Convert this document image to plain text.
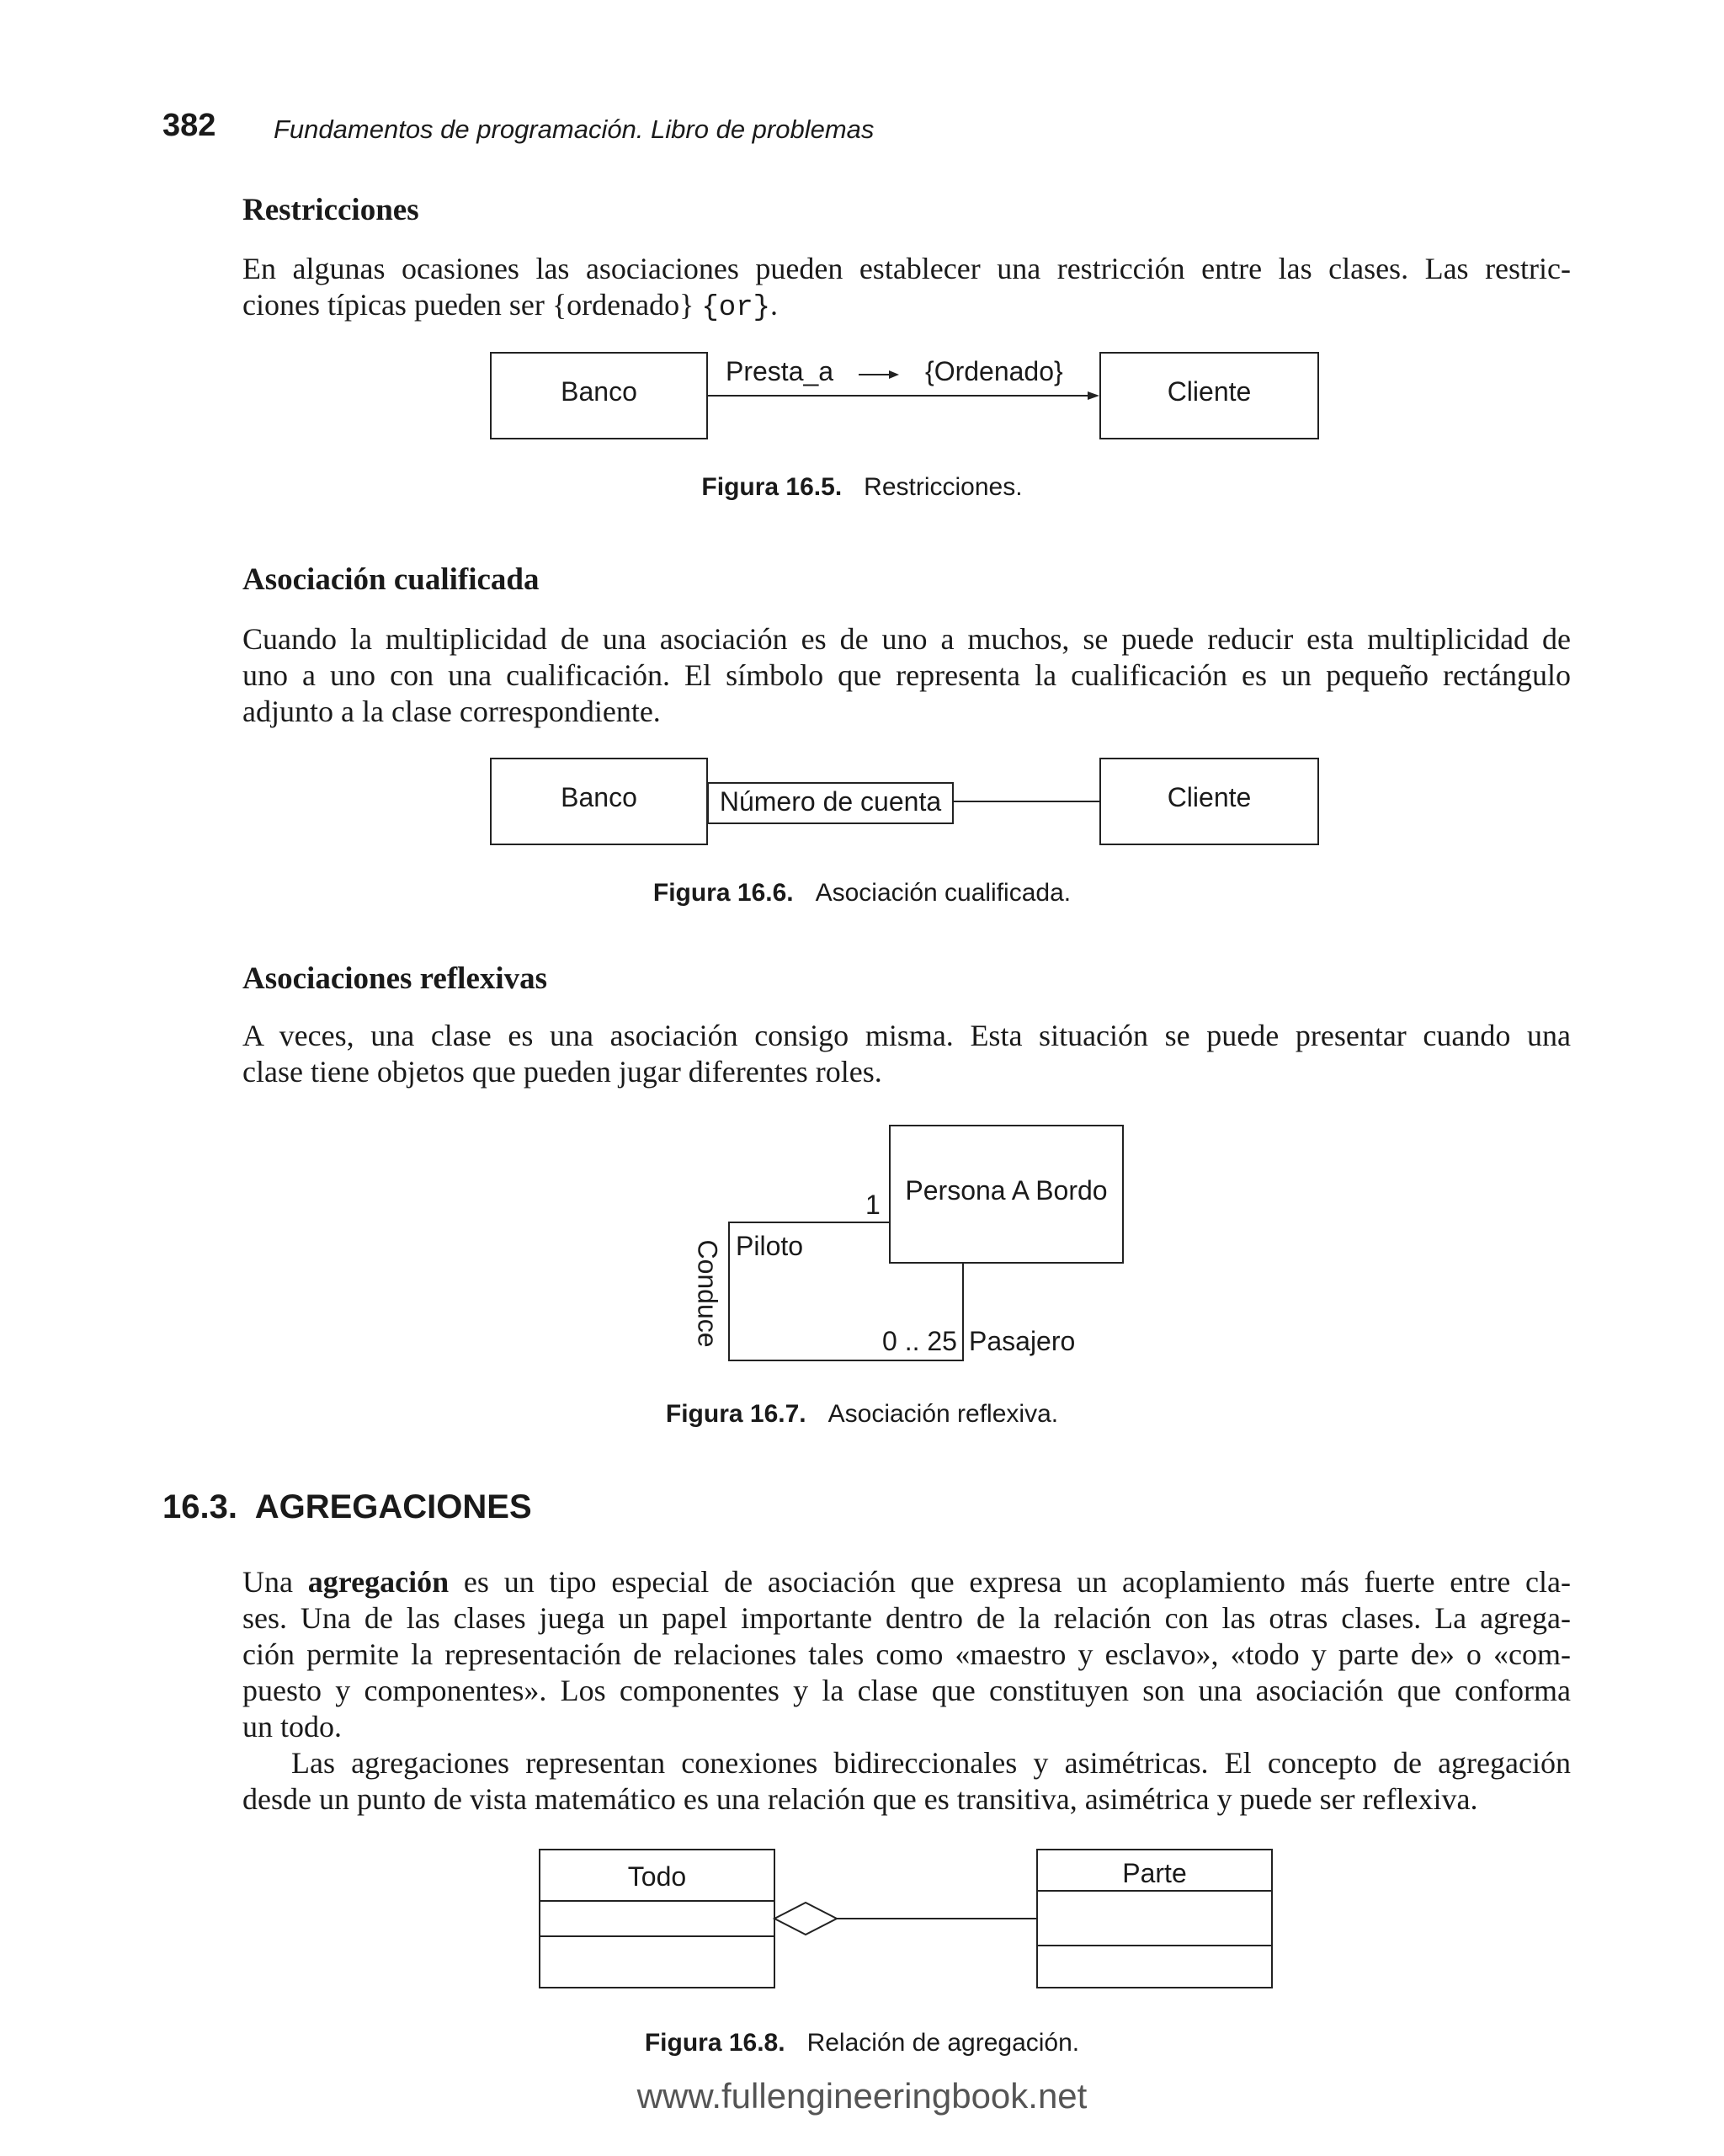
382 Fundamentos de programación. Libro de problemas
Restricciones
En algunas ocasiones las asociaciones pueden establecer una restricción entre las clases. Las restric-
ciones típicas pueden ser {ordenado} {or}.
Banco	Cliente
Presta_a	{Ordenado}
Figura 16.5. Restricciones.
Asociación cualificada
Cuando la multiplicidad de una asociación es de uno a muchos, se puede reducir esta multiplicidad de
uno a uno con una cualificación. El símbolo que representa la cualificación es un pequeño rectángulo
adjunto a la clase correspondiente.
Banco	Número de cuenta	Cliente
Figura 16.6. Asociación cualificada.
Asociaciones reflexivas
A veces, una clase es una asociación consigo misma. Esta situación se puede presentar cuando una
clase tiene objetos que pueden jugar diferentes roles.
Persona A Bordo
1
Piloto
0 .. 25 Pasajero
Conduce
Figura 16.7. Asociación reflexiva.
16.3.  AGREGACIONES
Una agregación es un tipo especial de asociación que expresa un acoplamiento más fuerte entre cla-
ses. Una de las clases juega un papel importante dentro de la relación con las otras clases. La agrega-
ción permite la representación de relaciones tales como «maestro y esclavo», «todo y parte de» o «com-
puesto y componentes». Los componentes y la clase que constituyen son una asociación que conforma
un todo.
Las agregaciones representan conexiones bidireccionales y asimétricas. El concepto de agregación
desde un punto de vista matemático es una relación que es transitiva, asimétrica y puede ser reflexiva.
Todo	Parte
Figura 16.8. Relación de agregación.
www.fullengineeringbook.net
